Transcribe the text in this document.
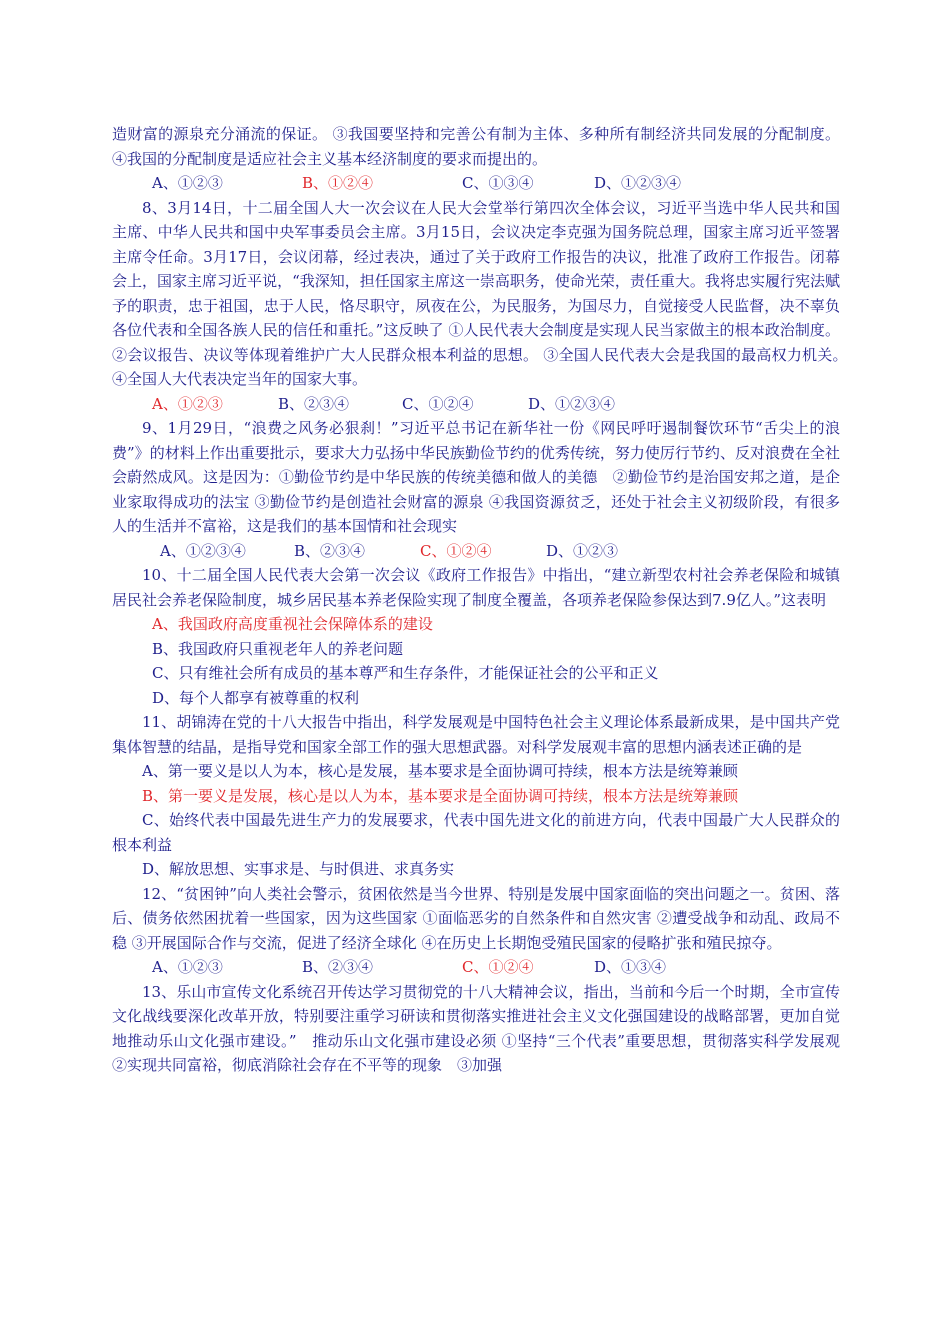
造财富的源泉充分涌流的保证。 ③我国要坚持和完善公有制为主体、多种所有制经济共同发展的分配制度。 ④我国的分配制度是适应社会主义基本经济制度的要求而提出的。

A、①②③	B、①②④	C、①③④	D、①②③④

8、3月14日，十二届全国人大一次会议在人民大会堂举行第四次全体会议，习近平当选中华人民共和国主席、中华人民共和国中央军事委员会主席。3月15日，会议决定李克强为国务院总理，国家主席习近平签署主席令任命。3月17日，会议闭幕，经过表决，通过了关于政府工作报告的决议，批准了政府工作报告。闭幕会上，国家主席习近平说，“我深知，担任国家主席这一崇高职务，使命光荣，责任重大。我将忠实履行宪法赋予的职责，忠于祖国，忠于人民，恪尽职守，夙夜在公，为民服务，为国尽力，自觉接受人民监督，决不辜负各位代表和全国各族人民的信任和重托。”这反映了 ①人民代表大会制度是实现人民当家做主的根本政治制度。 ②会议报告、决议等体现着维护广大人民群众根本利益的思想。 ③全国人民代表大会是我国的最高权力机关。　④全国人大代表决定当年的国家大事。

A、①②③	B、②③④	C、①②④	D、①②③④

9、1月29日，“浪费之风务必狠刹！”习近平总书记在新华社一份《网民呼吁遏制餐饮环节“舌尖上的浪费”》的材料上作出重要批示，要求大力弘扬中华民族勤俭节约的优秀传统，努力使厉行节约、反对浪费在全社会蔚然成风。这是因为：①勤俭节约是中华民族的传统美德和做人的美德　②勤俭节约是治国安邦之道，是企业家取得成功的法宝 ③勤俭节约是创造社会财富的源泉 ④我国资源贫乏，还处于社会主义初级阶段，有很多人的生活并不富裕，这是我们的基本国情和社会现实

A、①②③④	B、②③④	C、①②④	D、①②③

10、十二届全国人民代表大会第一次会议《政府工作报告》中指出，“建立新型农村社会养老保险和城镇居民社会养老保险制度，城乡居民基本养老保险实现了制度全覆盖，各项养老保险参保达到7.9亿人。”这表明

A、我国政府高度重视社会保障体系的建设

B、我国政府只重视老年人的养老问题

C、只有维社会所有成员的基本尊严和生存条件，才能保证社会的公平和正义

D、每个人都享有被尊重的权利

11、胡锦涛在党的十八大报告中指出，科学发展观是中国特色社会主义理论体系最新成果，是中国共产党集体智慧的结晶，是指导党和国家全部工作的强大思想武器。对科学发展观丰富的思想内涵表述正确的是

A、第一要义是以人为本，核心是发展，基本要求是全面协调可持续，根本方法是统筹兼顾

B、第一要义是发展，核心是以人为本，基本要求是全面协调可持续，根本方法是统筹兼顾

C、始终代表中国最先进生产力的发展要求，代表中国先进文化的前进方向，代表中国最广大人民群众的根本利益

D、解放思想、实事求是、与时俱进、求真务实

12、“贫困钟”向人类社会警示，贫困依然是当今世界、特别是发展中国家面临的突出问题之一。贫困、落后、债务依然困扰着一些国家，因为这些国家 ①面临恶劣的自然条件和自然灾害 ②遭受战争和动乱、政局不稳 ③开展国际合作与交流，促进了经济全球化 ④在历史上长期饱受殖民国家的侵略扩张和殖民掠夺。

A、①②③	B、②③④	C、①②④	D、①③④

13、乐山市宣传文化系统召开传达学习贯彻党的十八大精神会议，指出，当前和今后一个时期，全市宣传文化战线要深化改革开放，特别要注重学习研读和贯彻落实推进社会主义文化强国建设的战略部署，更加自觉地推动乐山文化强市建设。”　推动乐山文化强市建设必须 ①坚持“三个代表”重要思想，贯彻落实科学发展观　②实现共同富裕，彻底消除社会存在不平等的现象　③加强
